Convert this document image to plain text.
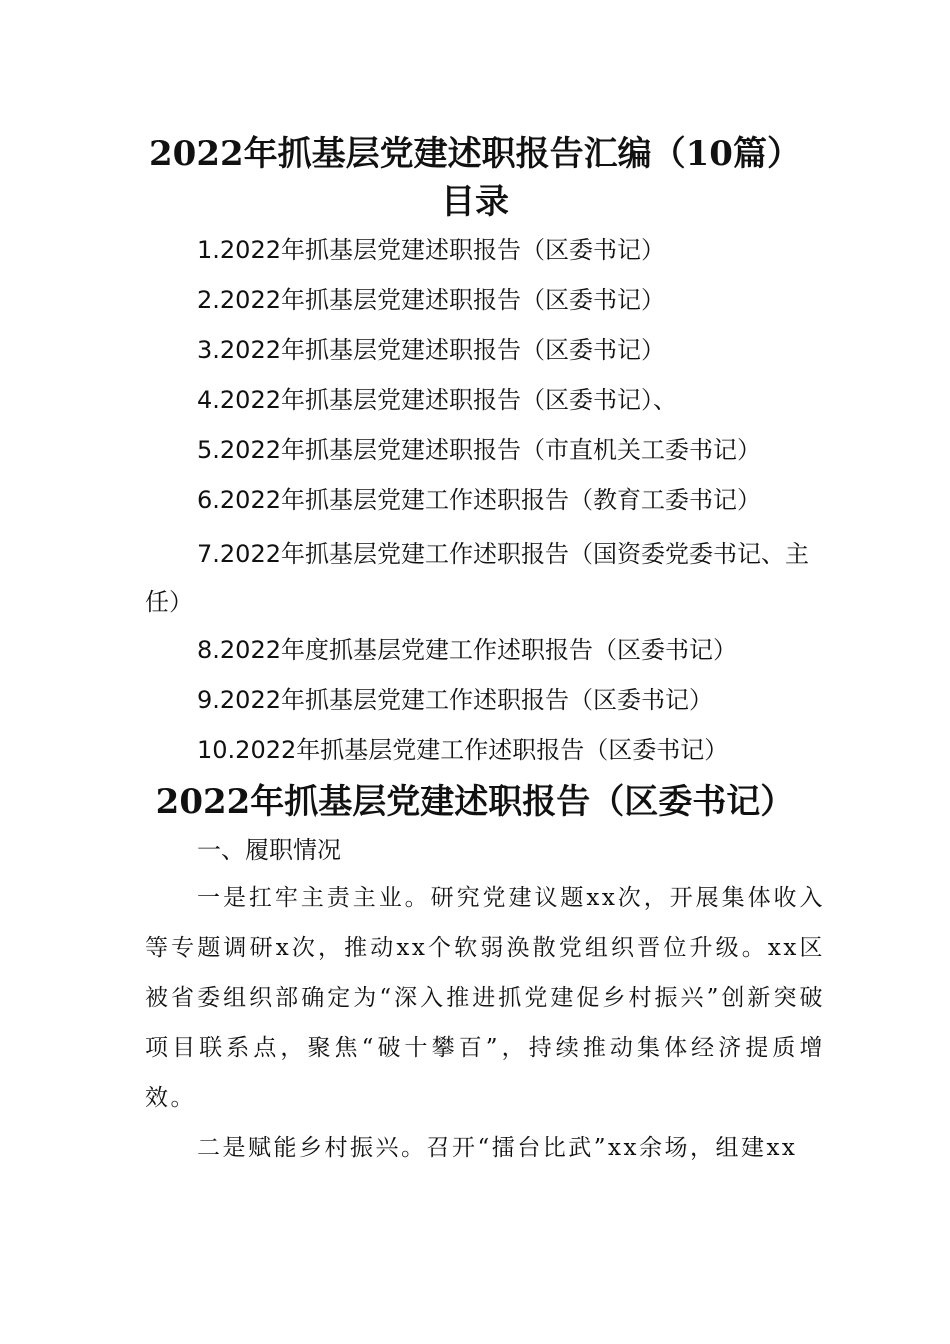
2022年抓基层党建述职报告汇编（10篇）
目录
1.2022年抓基层党建述职报告（区委书记）
2.2022年抓基层党建述职报告（区委书记）
3.2022年抓基层党建述职报告（区委书记）
4.2022年抓基层党建述职报告（区委书记）、
5.2022年抓基层党建述职报告（市直机关工委书记）
6.2022年抓基层党建工作述职报告（教育工委书记）
7.2022年抓基层党建工作述职报告（国资委党委书记、主任）
8.2022年度抓基层党建工作述职报告（区委书记）
9.2022年抓基层党建工作述职报告（区委书记）
10.2022年抓基层党建工作述职报告（区委书记）
2022年抓基层党建述职报告（区委书记）
一、履职情况

一是扛牢主责主业。研究党建议题xx次，开展集体收入等专题调研x次，推动xx个软弱涣散党组织晋位升级。xx区被省委组织部确定为“深入推进抓党建促乡村振兴”创新突破项目联系点，聚焦“破十攀百”，持续推动集体经济提质增效。

二是赋能乡村振兴。召开“擂台比武”xx余场，组建xx
